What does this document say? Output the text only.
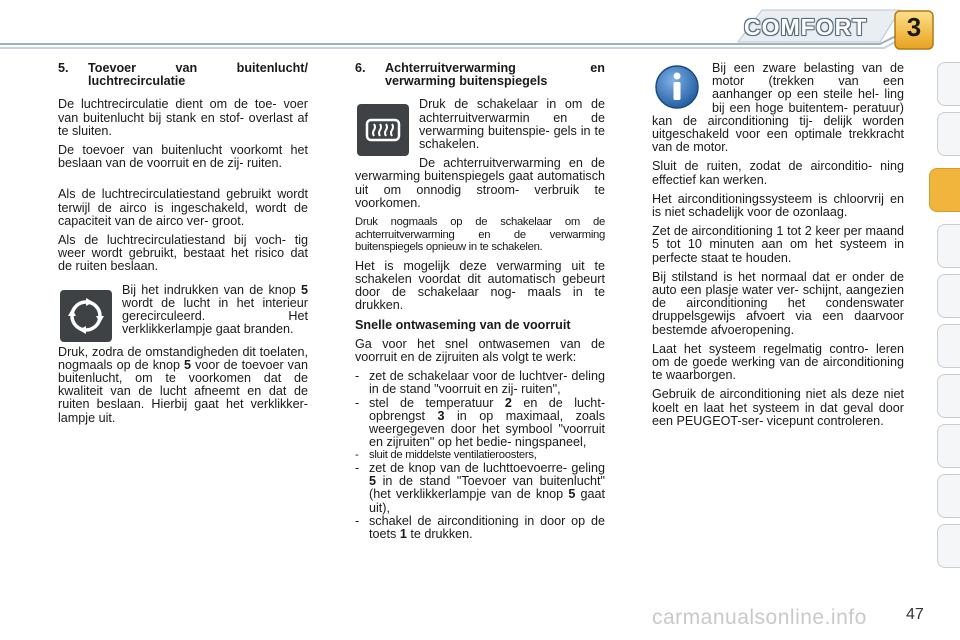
COMFORT	3
5.	Toevoer van buitenlucht/ luchtrecirculatie

De luchtrecirculatie dient om de toe- voer van buitenlucht bij stank en stof- overlast af te sluiten.

De toevoer van buitenlucht voorkomt het beslaan van de voorruit en de zij- ruiten.

Als de luchtrecirculatiestand gebruikt wordt terwijl de airco is ingeschakeld, wordt de capaciteit van de airco ver- groot.

Als de luchtrecirculatiestand bij voch- tig weer wordt gebruikt, bestaat het risico dat de ruiten beslaan.

Bij het indrukken van de knop 5 wordt de lucht in het interieur gerecirculeerd. Het verklikkerlampje gaat branden.

Druk, zodra de omstandigheden dit toelaten, nogmaals op de knop 5 voor de toevoer van buitenlucht, om te voorkomen dat de kwaliteit van de lucht afneemt en dat de ruiten beslaan. Hierbij gaat het verklikker- lampje uit.

6.	Achterruitverwarming en verwarming buitenspiegels

Druk de schakelaar in om de achterruitverwarmin en de verwarming buitenspie- gels in te schakelen.

De achterruitverwarming en de verwarming buitenspiegels gaat automatisch uit om onnodig stroom- verbruik te voorkomen.

Druk nogmaals op de schakelaar om de achterruitverwarming en de verwarming buitenspiegels opnieuw in te schakelen.

Het is mogelijk deze verwarming uit te schakelen voordat dit automatisch gebeurt door de schakelaar nog- maals in te drukken.

Snelle ontwaseming van de voorruit

Ga voor het snel ontwasemen van de voorruit en de zijruiten als volgt te werk:

- zet de schakelaar voor de luchtver- deling in de stand "voorruit en zij- ruiten",
- stel de temperatuur 2 en de lucht- opbrengst 3 in op maximaal, zoals weergegeven door het symbool "voorruit en zijruiten" op het bedie- ningspaneel,
- sluit de middelste ventilatieroosters,
- zet de knop van de luchttoevoerre- geling 5 in de stand "Toevoer van buitenlucht" (het verklikkerlampje van de knop 5 gaat uit),
- schakel de airconditioning in door op de toets 1 te drukken.

Bij een zware belasting van de motor (trekken van een aanhanger op een steile hel- ling bij een hoge buitentem- peratuur) kan de airconditioning tij- delijk worden uitgeschakeld voor een optimale trekkracht van de motor.

Sluit de ruiten, zodat de airconditio- ning effectief kan werken.

Het airconditioningssysteem is chloorvrij en is niet schadelijk voor de ozonlaag.

Zet de airconditioning 1 tot 2 keer per maand 5 tot 10 minuten aan om het systeem in perfecte staat te houden.

Bij stilstand is het normaal dat er onder de auto een plasje water ver- schijnt, aangezien de airconditioning het condenswater druppelsgewijs afvoert via een daarvoor bestemde afvoeropening.

Laat het systeem regelmatig contro- leren om de goede werking van de airconditioning te waarborgen.

Gebruik de airconditioning niet als deze niet koelt en laat het systeem in dat geval door een PEUGEOT-ser- vicepunt controleren.

carmanualsonline.info 47
